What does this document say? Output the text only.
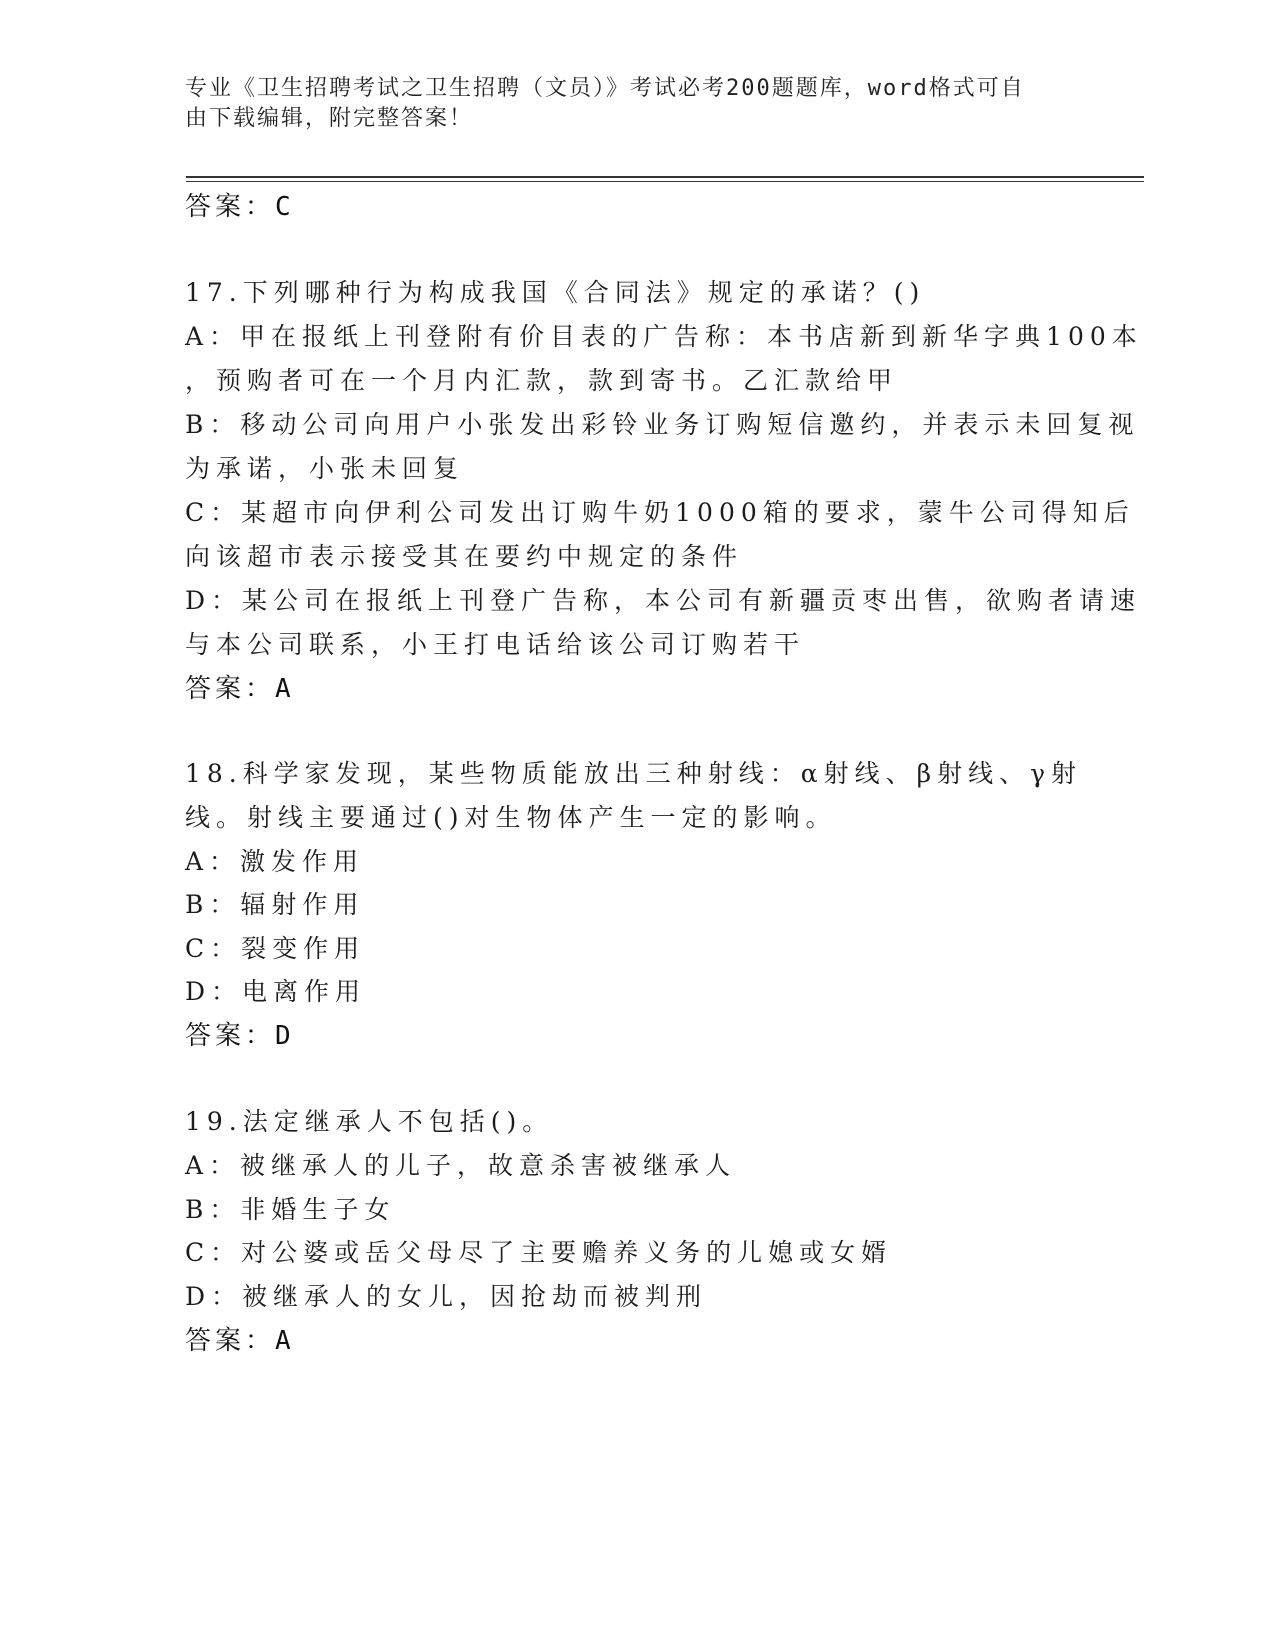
专业《卫生招聘考试之卫生招聘（文员）》考试必考200题题库，word格式可自
由下载编辑，附完整答案！
答案：C
17.下列哪种行为构成我国《合同法》规定的承诺？()
A：甲在报纸上刊登附有价目表的广告称：本书店新到新华字典100本
，预购者可在一个月内汇款，款到寄书。乙汇款给甲
B：移动公司向用户小张发出彩铃业务订购短信邀约，并表示未回复视
为承诺，小张未回复
C：某超市向伊利公司发出订购牛奶1000箱的要求，蒙牛公司得知后
向该超市表示接受其在要约中规定的条件
D：某公司在报纸上刊登广告称，本公司有新疆贡枣出售，欲购者请速
与本公司联系，小王打电话给该公司订购若干
答案：A
18.科学家发现，某些物质能放出三种射线：α射线、β射线、γ射
线。射线主要通过()对生物体产生一定的影响。
A：激发作用
B：辐射作用
C：裂变作用
D：电离作用
答案：D
19.法定继承人不包括()。
A：被继承人的儿子，故意杀害被继承人
B：非婚生子女
C：对公婆或岳父母尽了主要赡养义务的儿媳或女婿
D：被继承人的女儿，因抢劫而被判刑
答案：A
